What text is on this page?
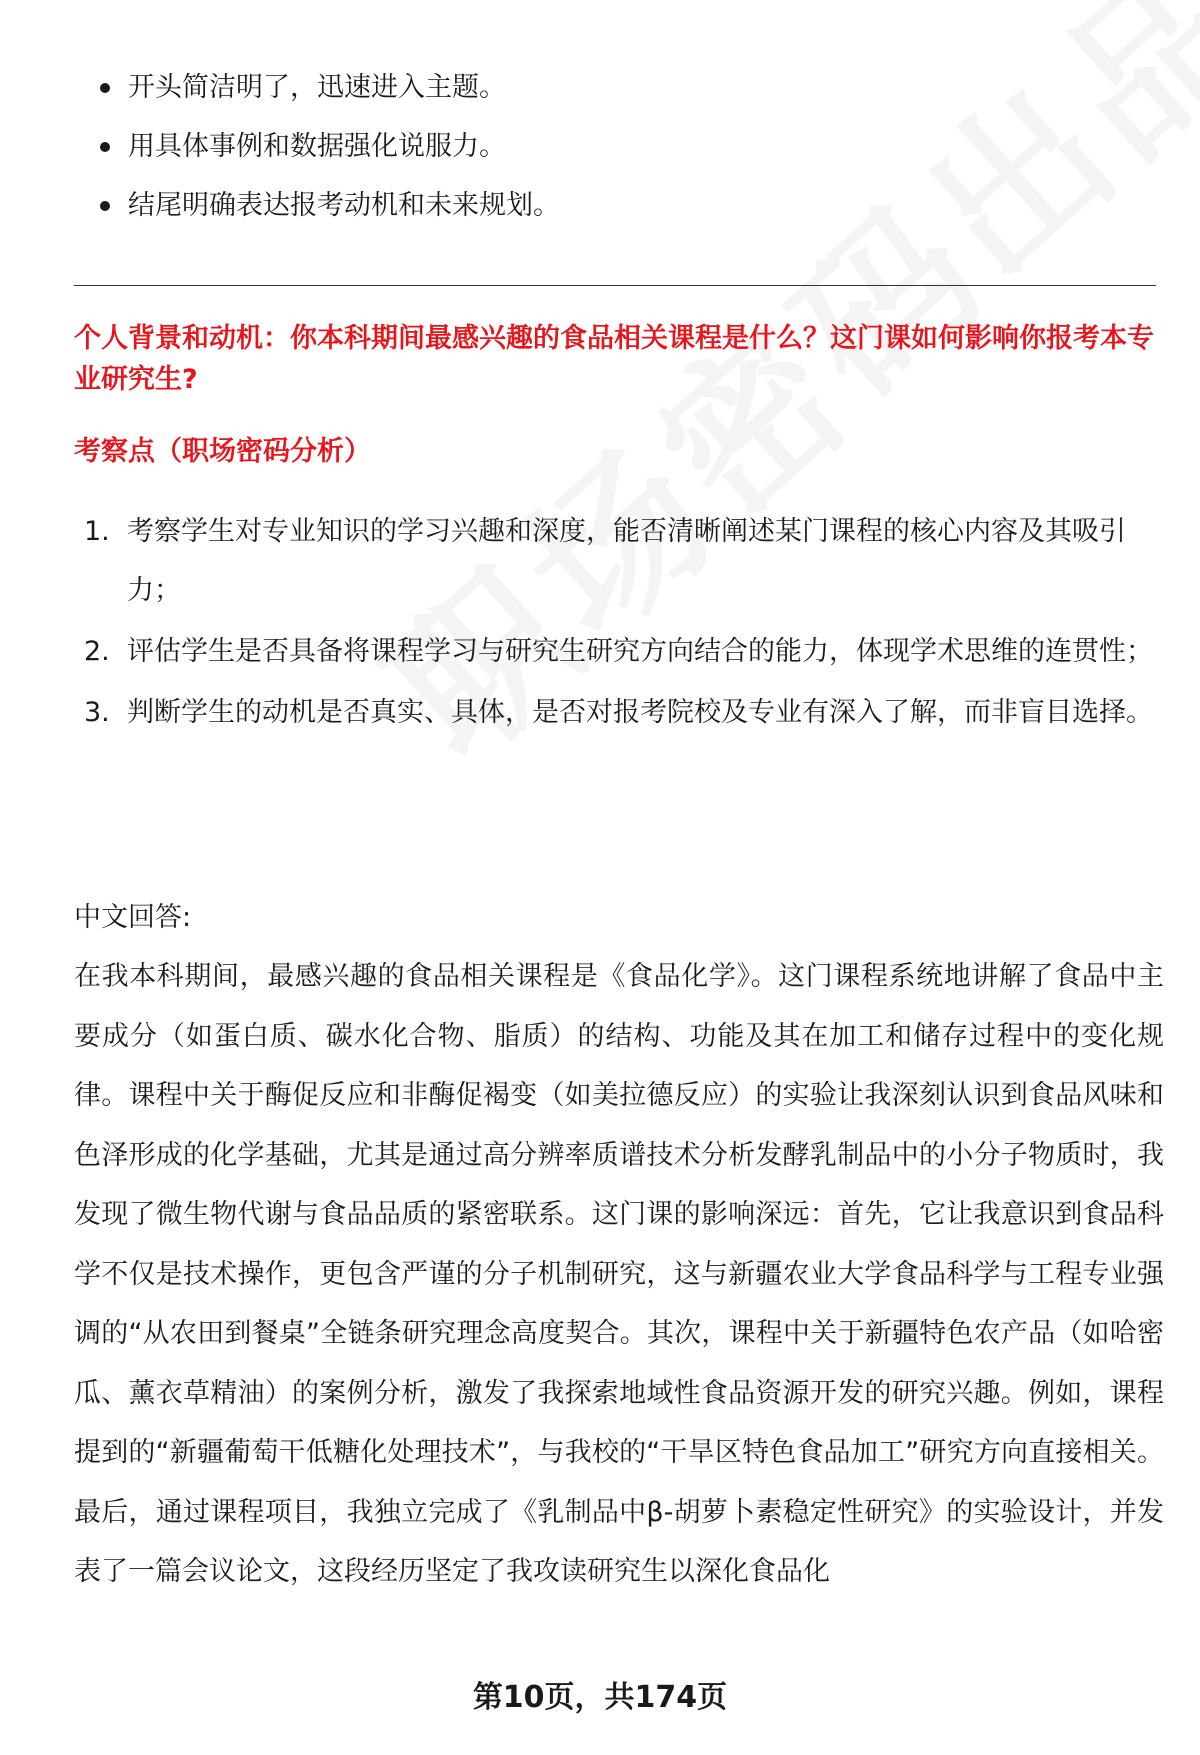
开头简洁明了，迅速进入主题。
用具体事例和数据强化说服力。
结尾明确表达报考动机和未来规划。
个人背景和动机：你本科期间最感兴趣的食品相关课程是什么？这门课如何影响你报考本专业研究生?
考察点（职场密码分析）
1. 考察学生对专业知识的学习兴趣和深度，能否清晰阐述某门课程的核心内容及其吸引力；
2. 评估学生是否具备将课程学习与研究生研究方向结合的能力，体现学术思维的连贯性；
3. 判断学生的动机是否真实、具体，是否对报考院校及专业有深入了解，而非盲目选择。
中文回答:
在我本科期间，最感兴趣的食品相关课程是《食品化学》。这门课程系统地讲解了食品中主要成分（如蛋白质、碳水化合物、脂质）的结构、功能及其在加工和储存过程中的变化规律。课程中关于酶促反应和非酶促褐变（如美拉德反应）的实验让我深刻认识到食品风味和色泽形成的化学基础，尤其是通过高分辨率质谱技术分析发酵乳制品中的小分子物质时，我发现了微生物代谢与食品品质的紧密联系。这门课的影响深远：首先，它让我意识到食品科学不仅是技术操作，更包含严谨的分子机制研究，这与新疆农业大学食品科学与工程专业强调的“从农田到餐桌”全链条研究理念高度契合。其次，课程中关于新疆特色农产品（如哈密瓜、薰衣草精油）的案例分析，激发了我探索地域性食品资源开发的研究兴趣。例如，课程提到的“新疆葡萄干低糖化处理技术”，与我校的“干旱区特色食品加工”研究方向直接相关。最后，通过课程项目，我独立完成了《乳制品中β-胡萝卜素稳定性研究》的实验设计，并发表了一篇会议论文，这段经历坚定了我攻读研究生以深化食品化
第10页，共174页
